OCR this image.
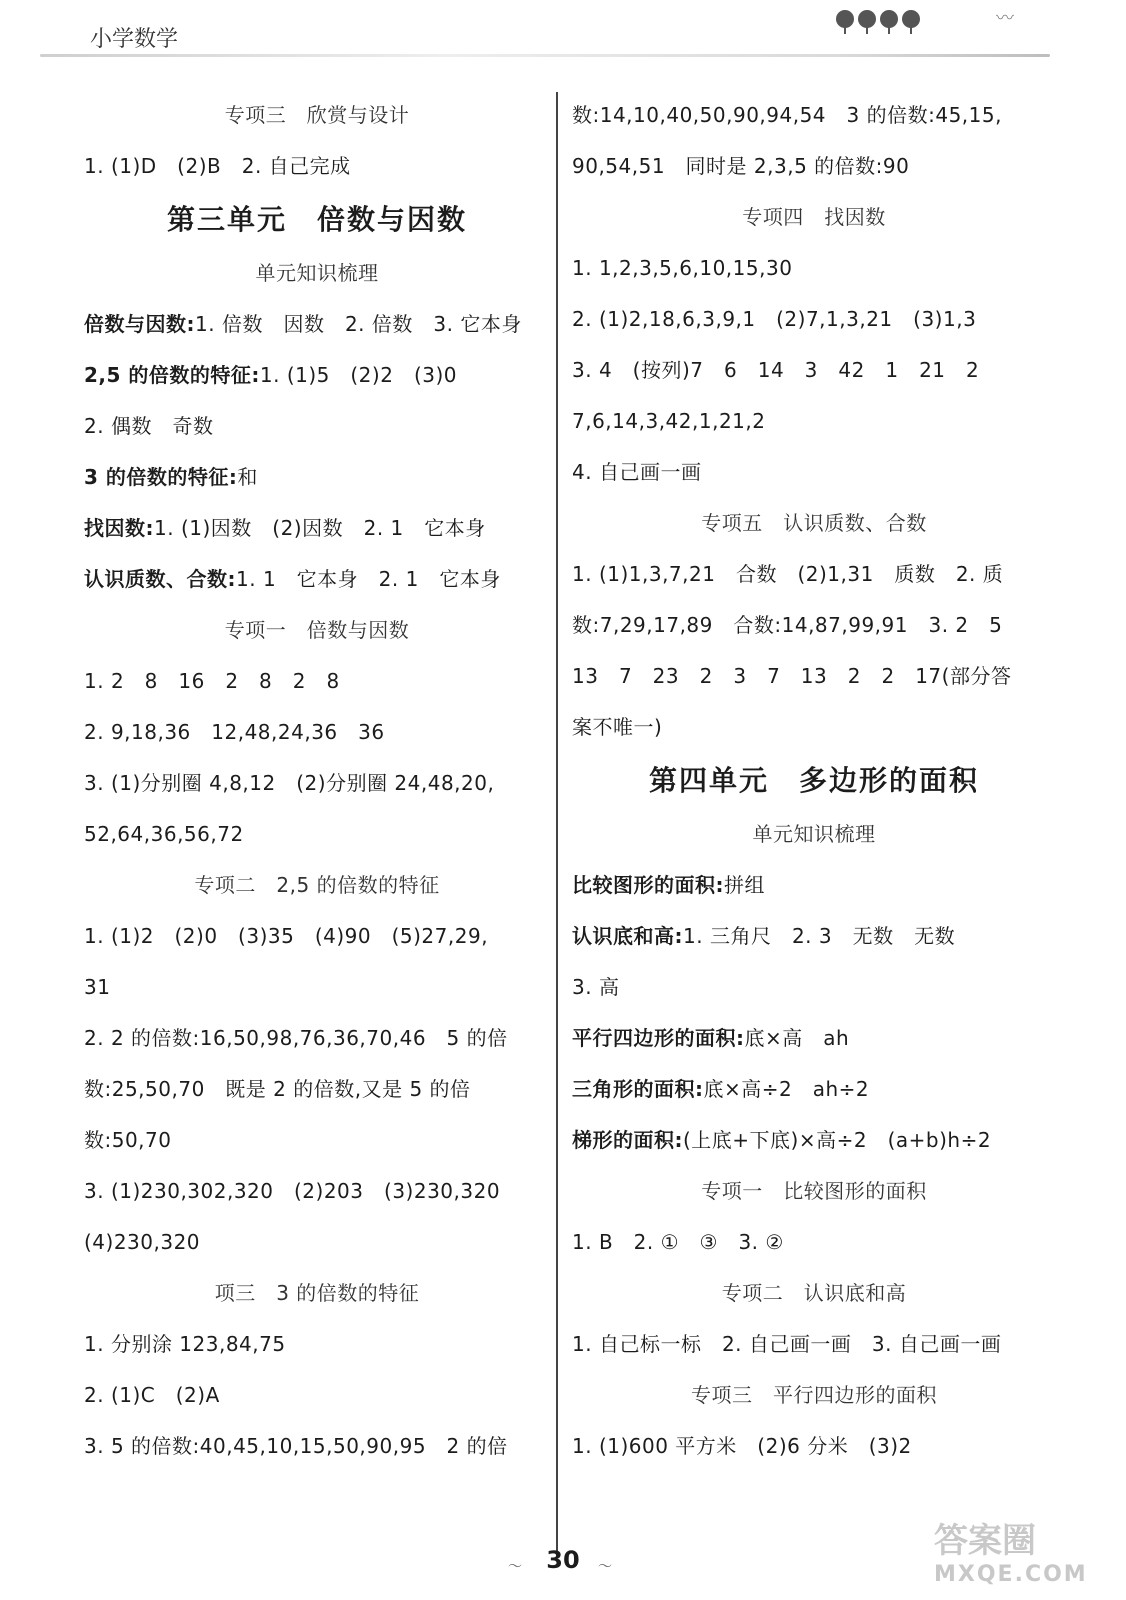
小学数学
〰
专项三　欣赏与设计
1. (1)D　(2)B　2. 自己完成
第三单元　倍数与因数
单元知识梳理
倍数与因数:1. 倍数　因数　2. 倍数　3. 它本身
2,5 的倍数的特征:1. (1)5　(2)2　(3)0
2. 偶数　奇数
3 的倍数的特征:和
找因数:1. (1)因数　(2)因数　2. 1　它本身
认识质数、合数:1. 1　它本身　2. 1　它本身
专项一　倍数与因数
1. 2　8　16　2　8　2　8
2. 9,18,36　12,48,24,36　36
3. (1)分别圈 4,8,12　(2)分别圈 24,48,20,
52,64,36,56,72
专项二　2,5 的倍数的特征
1. (1)2　(2)0　(3)35　(4)90　(5)27,29,
31
2. 2 的倍数:16,50,98,76,36,70,46　5 的倍
数:25,50,70　既是 2 的倍数,又是 5 的倍
数:50,70
3. (1)230,302,320　(2)203　(3)230,320
(4)230,320
项三　3 的倍数的特征
1. 分别涂 123,84,75
2. (1)C　(2)A
3. 5 的倍数:40,45,10,15,50,90,95　2 的倍
数:14,10,40,50,90,94,54　3 的倍数:45,15,
90,54,51　同时是 2,3,5 的倍数:90
专项四　找因数
1. 1,2,3,5,6,10,15,30
2. (1)2,18,6,3,9,1　(2)7,1,3,21　(3)1,3
3. 4　(按列)7　6　14　3　42　1　21　2
7,6,14,3,42,1,21,2
4. 自己画一画
专项五　认识质数、合数
1. (1)1,3,7,21　合数　(2)1,31　质数　2. 质
数:7,29,17,89　合数:14,87,99,91　3. 2　5
13　7　23　2　3　7　13　2　2　17(部分答
案不唯一)
第四单元　多边形的面积
单元知识梳理
比较图形的面积:拼组
认识底和高:1. 三角尺　2. 3　无数　无数
3. 高
平行四边形的面积:底×高　ah
三角形的面积:底×高÷2　ah÷2
梯形的面积:(上底+下底)×高÷2　(a+b)h÷2
专项一　比较图形的面积
1. B　2. ①　③　3. ②
专项二　认识底和高
1. 自己标一标　2. 自己画一画　3. 自己画一画
专项三　平行四边形的面积
1. (1)600 平方米　(2)6 分米　(3)2
〜	30	〜
答案圈
MXQE.COM
